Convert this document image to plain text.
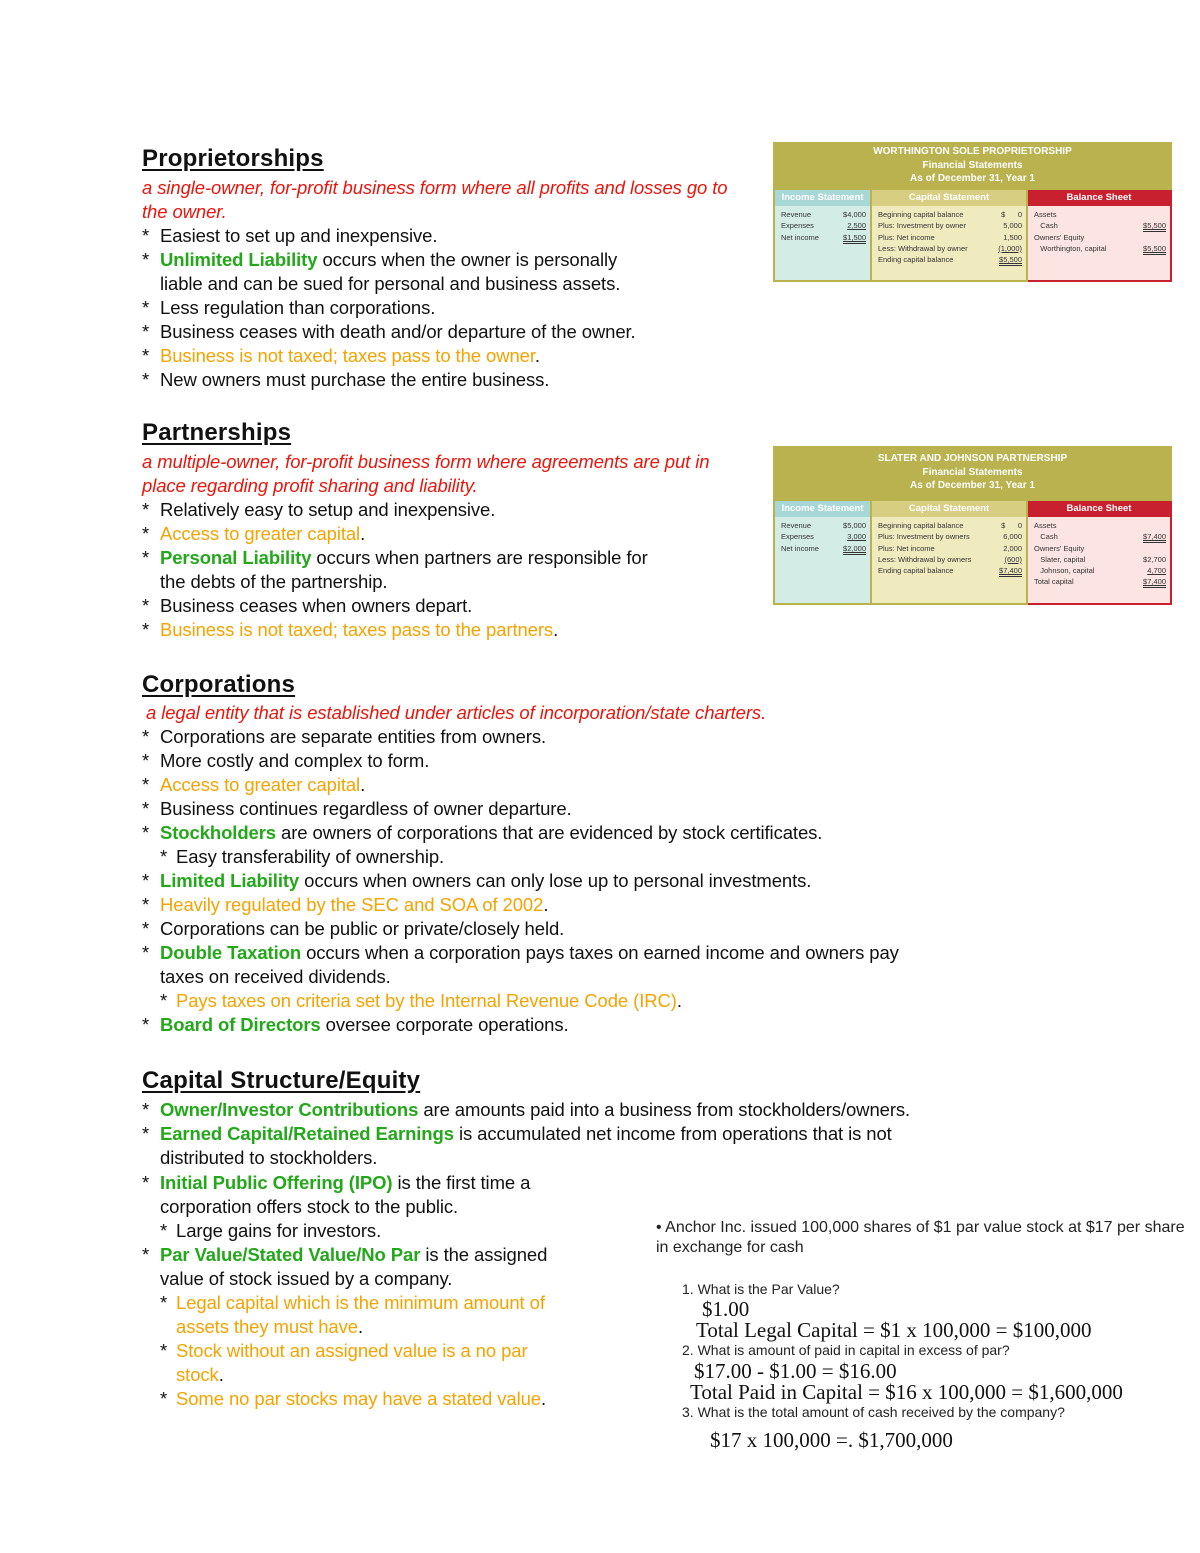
Proprietorships
a single-owner, for-profit business form where all profits and losses go to the owner.
* Easiest to set up and inexpensive.
* Unlimited Liability occurs when the owner is personally
liable and can be sued for personal and business assets.
* Less regulation than corporations.
* Business ceases with death and/or departure of the owner.
* Business is not taxed; taxes pass to the owner.
* New owners must purchase the entire business.
WORTHINGTON SOLE PROPRIETORSHIP
Financial Statements
As of December 31, Year 1
Income Statement
Revenue	$4,000
Expenses	2,500
Net income	$1,500
Capital Statement
Beginning capital balance	$      0
Plus: Investment by owner	5,000
Plus: Net income	1,500
Less: Withdrawal by owner	(1,000)
Ending capital balance	$5,500
Balance Sheet
Assets
Cash	$5,500
Owners' Equity
Worthington, capital	$5,500
Partnerships
a multiple-owner, for-profit business form where agreements are put in place regarding profit sharing and liability.
* Relatively easy to setup and inexpensive.
* Access to greater capital.
* Personal Liability occurs when partners are responsible for
the debts of the partnership.
* Business ceases when owners depart.
* Business is not taxed; taxes pass to the partners.
SLATER AND JOHNSON PARTNERSHIP
Financial Statements
As of December 31, Year 1
Income Statement
Revenue	$5,000
Expenses	3,000
Net income	$2,000
Capital Statement
Beginning capital balance	$      0
Plus: Investment by owners	6,000
Plus: Net income	2,000
Less: Withdrawal by owners	(600)
Ending capital balance	$7,400
Balance Sheet
Assets
Cash	$7,400
Owners' Equity
Slater, capital	$2,700
Johnson, capital	4,700
Total capital	$7,400
Corporations
a legal entity that is established under articles of incorporation/state charters.
* Corporations are separate entities from owners.
* More costly and complex to form.
* Access to greater capital.
* Business continues regardless of owner departure.
* Stockholders are owners of corporations that are evidenced by stock certificates.
* Easy transferability of ownership.
* Limited Liability occurs when owners can only lose up to personal investments.
* Heavily regulated by the SEC and SOA of 2002.
* Corporations can be public or private/closely held.
* Double Taxation occurs when a corporation pays taxes on earned income and owners pay
taxes on received dividends.
* Pays taxes on criteria set by the Internal Revenue Code (IRC).
* Board of Directors oversee corporate operations.
Capital Structure/Equity
* Owner/Investor Contributions are amounts paid into a business from stockholders/owners.
* Earned Capital/Retained Earnings is accumulated net income from operations that is not
distributed to stockholders.
* Initial Public Offering (IPO) is the first time a
corporation offers stock to the public.
* Large gains for investors.
* Par Value/Stated Value/No Par is the assigned
value of stock issued by a company.
* Legal capital which is the minimum amount of
assets they must have.
* Stock without an assigned value is a no par
stock.
* Some no par stocks may have a stated value.
• Anchor Inc. issued 100,000 shares of $1 par value stock at $17 per share in exchange for cash
1. What is the Par Value?
$1.00
Total Legal Capital = $1 x 100,000 = $100,000
2. What is amount of paid in capital in excess of par?
$17.00 - $1.00 = $16.00
Total Paid in Capital = $16 x 100,000 = $1,600,000
3. What is the total amount of cash received by the company?
$17 x 100,000 =. $1,700,000
